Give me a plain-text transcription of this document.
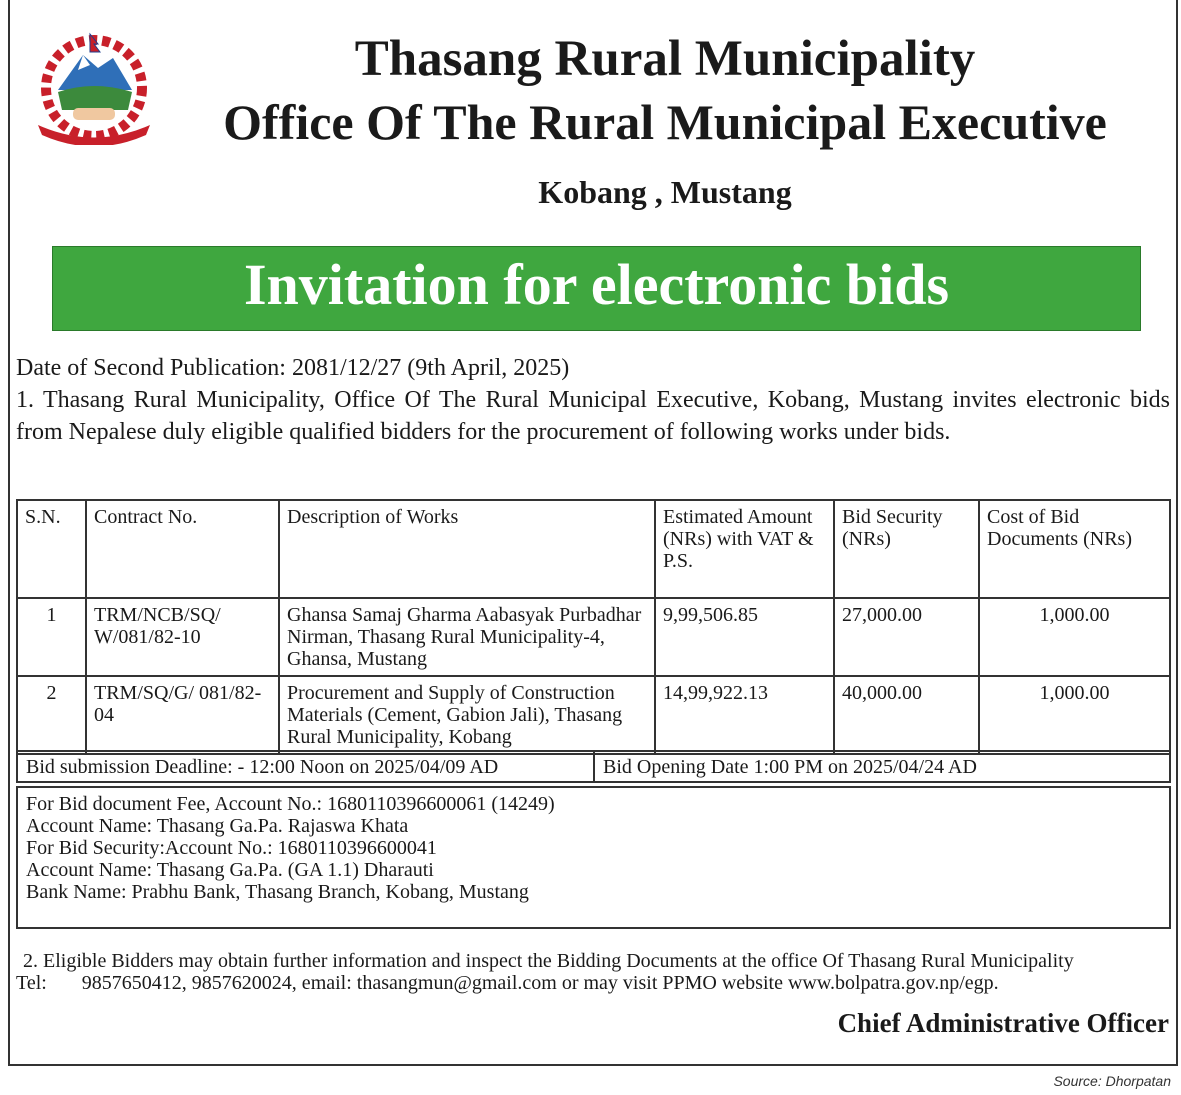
Thasang Rural Municipality
Office Of The Rural Municipal Executive
Kobang , Mustang
Invitation for electronic bids
Date of Second Publication: 2081/12/27 (9th April, 2025)
1. Thasang Rural Municipality, Office Of The Rural Municipal Executive, Kobang, Mustang invites electronic bids from Nepalese duly eligible qualified bidders for the procurement of following works under bids.
S.N.	Contract No.	Description of Works	Estimated Amount (NRs) with VAT & P.S.	Bid Security (NRs)	Cost of Bid Documents (NRs)
1	TRM/NCB/SQ/ W/081/82-10	Ghansa Samaj Gharma Aabasyak Purbadhar Nirman, Thasang Rural Municipality-4, Ghansa, Mustang	9,99,506.85	27,000.00	1,000.00
2	TRM/SQ/G/ 081/82-04	Procurement and Supply of Construction Materials (Cement, Gabion Jali), Thasang Rural Municipality, Kobang	14,99,922.13	40,000.00	1,000.00
Bid submission Deadline: - 12:00 Noon on 2025/04/09 AD	Bid Opening Date 1:00 PM on 2025/04/24 AD
For Bid document Fee, Account No.: 1680110396600061 (14249)
Account Name: Thasang Ga.Pa. Rajaswa Khata
For Bid Security:Account No.: 1680110396600041
Account Name: Thasang Ga.Pa. (GA 1.1) Dharauti
Bank Name: Prabhu Bank, Thasang Branch, Kobang, Mustang
2. Eligible Bidders may obtain further information and inspect the Bidding Documents at the office Of Thasang Rural Municipality
Tel:       9857650412, 9857620024, email: thasangmun@gmail.com or may visit PPMO website www.bolpatra.gov.np/egp.
Chief Administrative Officer
Source: Dhorpatan
